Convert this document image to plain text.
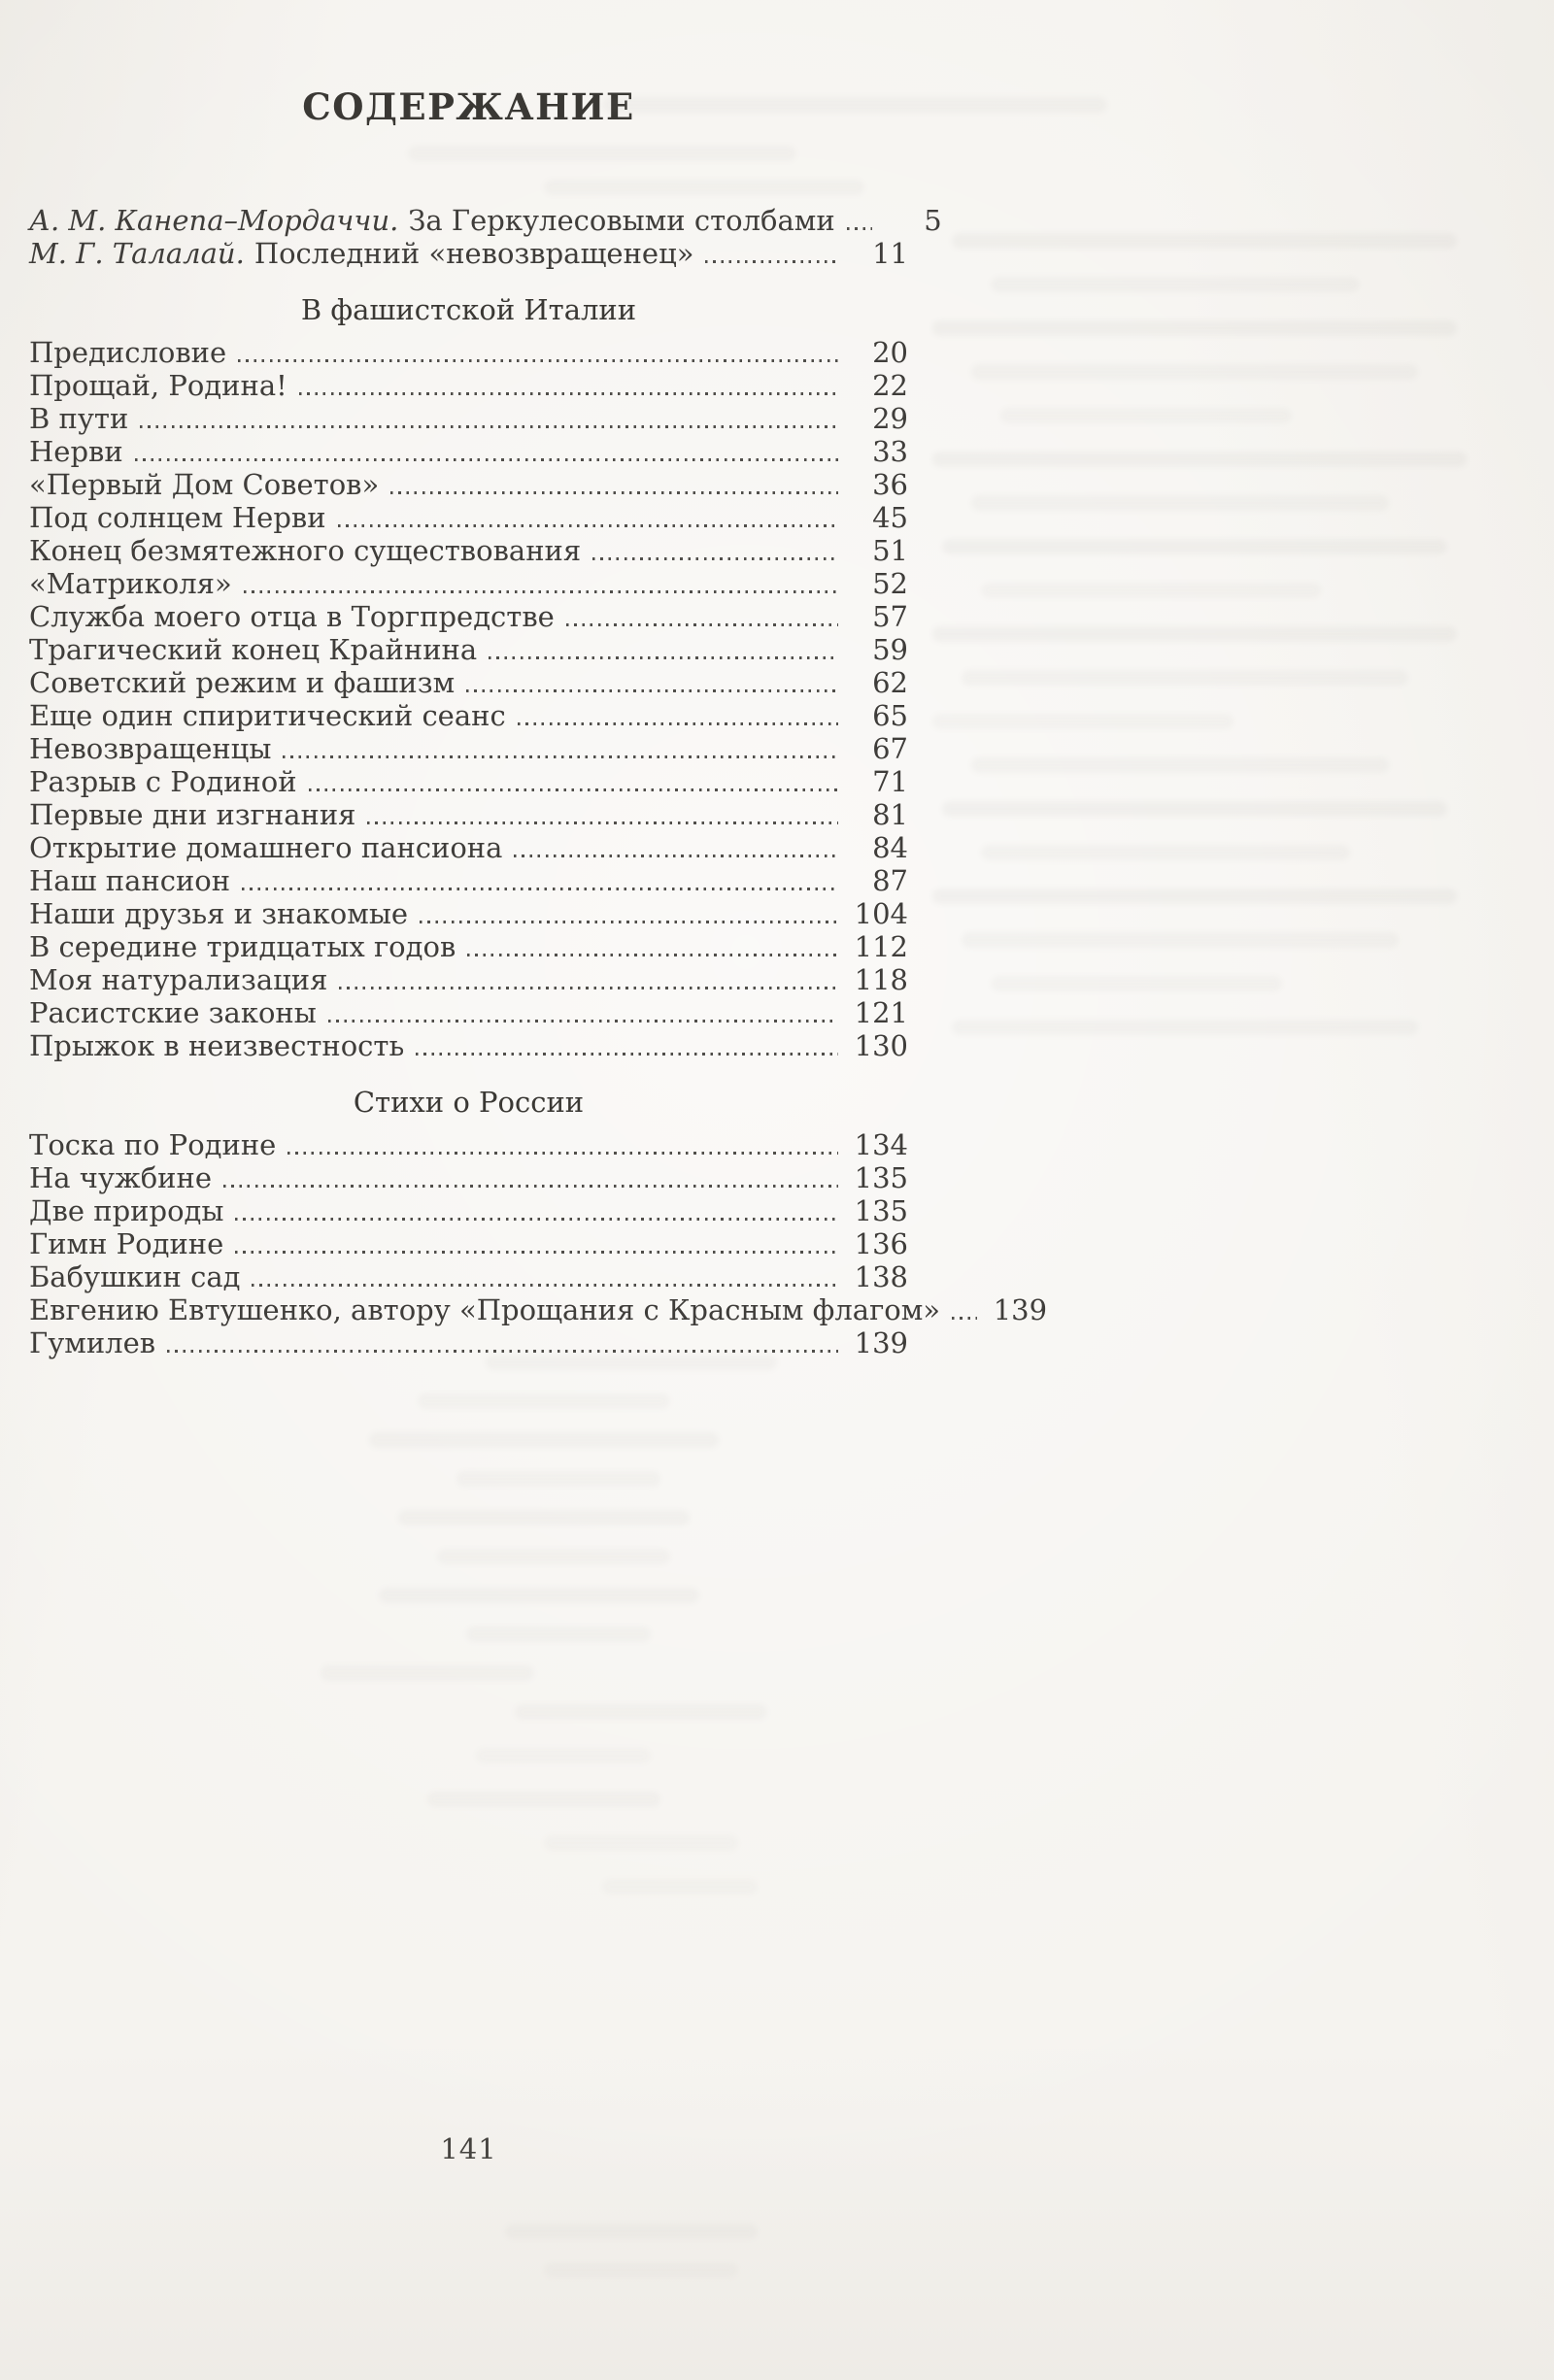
СОДЕРЖАНИЕ
А. М. Канепа–Мордаччи. За Геркулесовыми столбами	5
М. Г. Талалай. Последний «невозвращенец»	11
В фашистской Италии
Предисловие	20
Прощай, Родина!	22
В пути	29
Нерви	33
«Первый Дом Советов»	36
Под солнцем Нерви	45
Конец безмятежного существования	51
«Матриколя»	52
Служба моего отца в Торгпредстве	57
Трагический конец Крайнина	59
Советский режим и фашизм	62
Еще один спиритический сеанс	65
Невозвращенцы	67
Разрыв с Родиной	71
Первые дни изгнания	81
Открытие домашнего пансиона	84
Наш пансион	87
Наши друзья и знакомые	104
В середине тридцатых годов	112
Моя натурализация	118
Расистские законы	121
Прыжок в неизвестность	130
Стихи о России
Тоска по Родине	134
На чужбине	135
Две природы	135
Гимн Родине	136
Бабушкин сад	138
Евгению Евтушенко, автору «Прощания с Красным флагом» 139
Гумилев	139
141
